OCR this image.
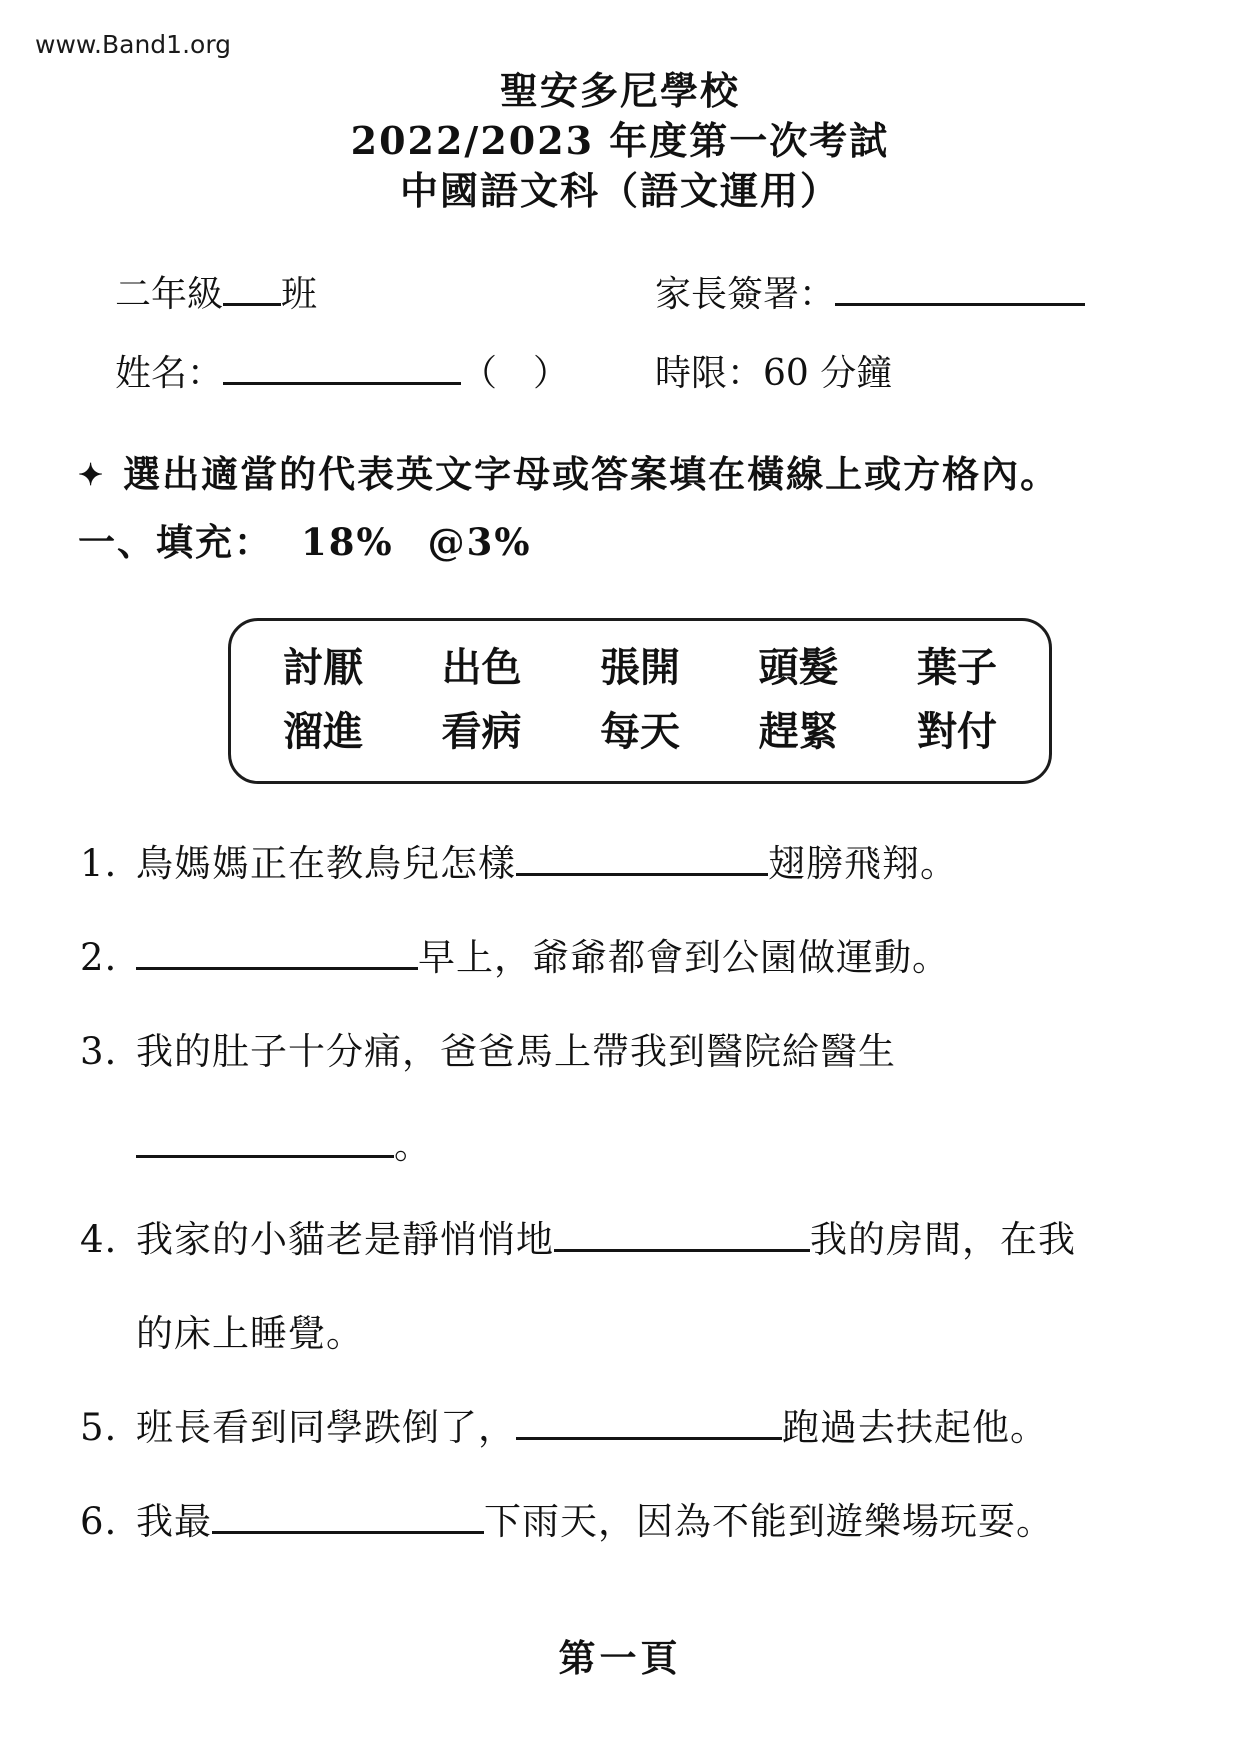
www.Band1.org
聖安多尼學校
2022/2023 年度第一次考試
中國語文科（語文運用）
二年級 班	家長簽署：
姓名：	（　）	時限：60 分鐘
✦ 選出適當的代表英文字母或答案填在橫線上或方格內。
一、填充： 18% @3%
討厭 出色 張開 頭髮 葉子
溜進 看病 每天 趕緊 對付
1. 鳥媽媽正在教鳥兒怎樣	翅膀飛翔。
2.	早上，爺爺都會到公園做運動。
3. 我的肚子十分痛，爸爸馬上帶我到醫院給醫生
。
4. 我家的小貓老是靜悄悄地	我的房間，在我
的床上睡覺。
5. 班長看到同學跌倒了，	跑過去扶起他。
6. 我最	下雨天，因為不能到遊樂場玩耍。
第一頁
